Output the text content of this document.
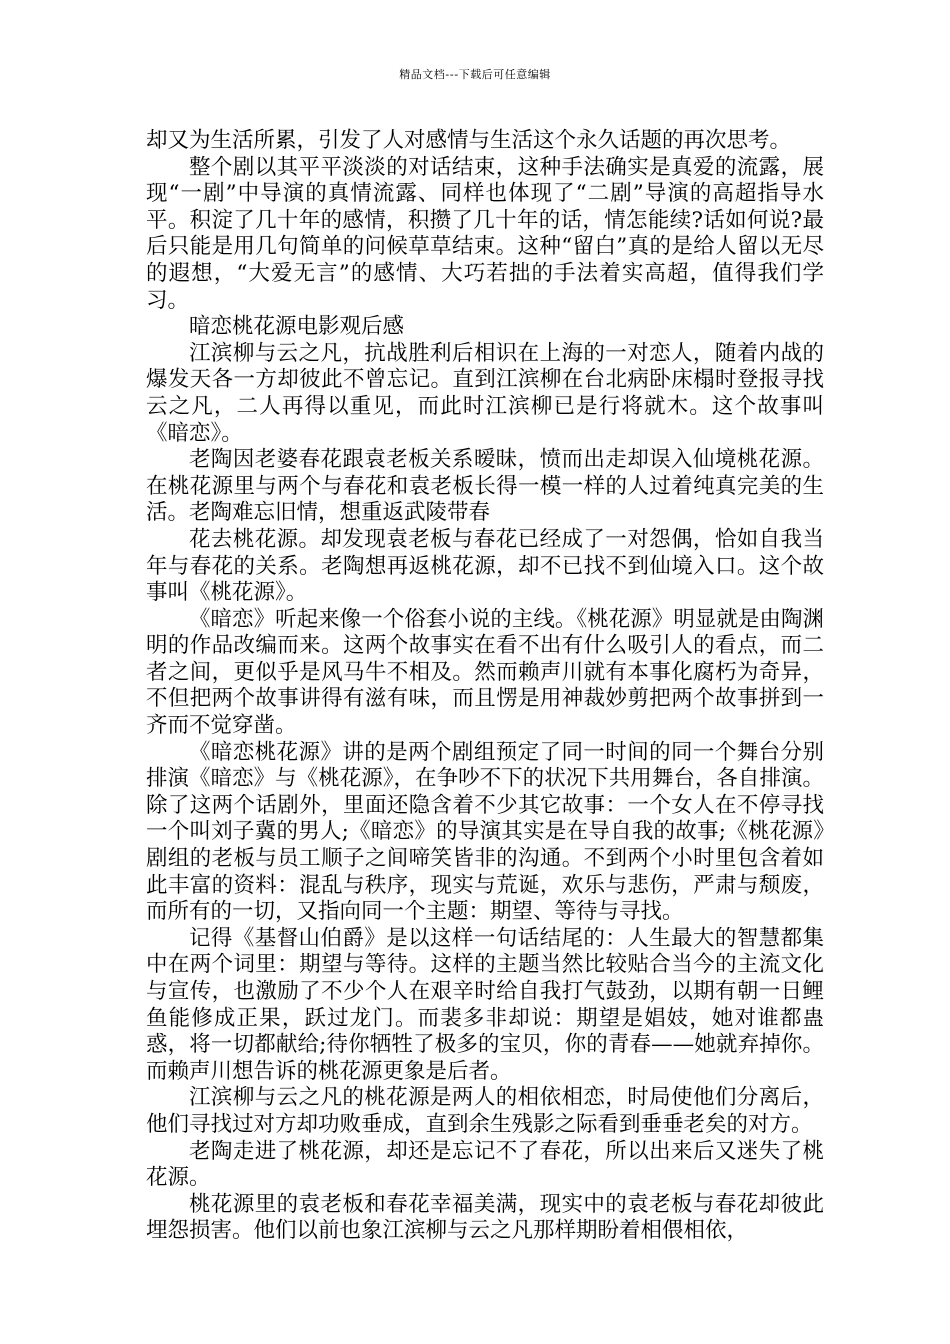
精品文档---下载后可任意编辑

却又为生活所累，引发了人对感情与生活这个永久话题的再次思考。

整个剧以其平平淡淡的对话结束，这种手法确实是真爱的流露，展现“一剧”中导演的真情流露、同样也体现了“二剧”导演的高超指导水平。积淀了几十年的感情，积攒了几十年的话，情怎能续?话如何说?最后只能是用几句简单的问候草草结束。这种“留白”真的是给人留以无尽的遐想，“大爱无言”的感情、大巧若拙的手法着实高超，值得我们学习。

暗恋桃花源电影观后感

江滨柳与云之凡，抗战胜利后相识在上海的一对恋人，随着内战的爆发天各一方却彼此不曾忘记。直到江滨柳在台北病卧床榻时登报寻找云之凡，二人再得以重见，而此时江滨柳已是行将就木。这个故事叫《暗恋》。

老陶因老婆春花跟袁老板关系暧昧，愤而出走却误入仙境桃花源。在桃花源里与两个与春花和袁老板长得一模一样的人过着纯真完美的生活。老陶难忘旧情，想重返武陵带春

花去桃花源。却发现袁老板与春花已经成了一对怨偶，恰如自我当年与春花的关系。老陶想再返桃花源，却不已找不到仙境入口。这个故事叫《桃花源》。

《暗恋》听起来像一个俗套小说的主线。《桃花源》明显就是由陶渊明的作品改编而来。这两个故事实在看不出有什么吸引人的看点，而二者之间，更似乎是风马牛不相及。然而赖声川就有本事化腐朽为奇异，不但把两个故事讲得有滋有味，而且愣是用神裁妙剪把两个故事拼到一齐而不觉穿凿。

《暗恋桃花源》讲的是两个剧组预定了同一时间的同一个舞台分别排演《暗恋》与《桃花源》，在争吵不下的状况下共用舞台，各自排演。除了这两个话剧外，里面还隐含着不少其它故事：一个女人在不停寻找一个叫刘子冀的男人;《暗恋》的导演其实是在导自我的故事;《桃花源》剧组的老板与员工顺子之间啼笑皆非的沟通。不到两个小时里包含着如此丰富的资料：混乱与秩序，现实与荒诞，欢乐与悲伤，严肃与颓废，而所有的一切，又指向同一个主题：期望、等待与寻找。

记得《基督山伯爵》是以这样一句话结尾的：人生最大的智慧都集中在两个词里：期望与等待。这样的主题当然比较贴合当今的主流文化与宣传，也激励了不少个人在艰辛时给自我打气鼓劲，以期有朝一日鲤鱼能修成正果，跃过龙门。而裴多非却说：期望是娼妓，她对谁都蛊惑，将一切都献给;待你牺牲了极多的宝贝，你的青春——她就弃掉你。而赖声川想告诉的桃花源更象是后者。

江滨柳与云之凡的桃花源是两人的相依相恋，时局使他们分离后，他们寻找过对方却功败垂成，直到余生残影之际看到垂垂老矣的对方。

老陶走进了桃花源，却还是忘记不了春花，所以出来后又迷失了桃花源。

桃花源里的袁老板和春花幸福美满，现实中的袁老板与春花却彼此埋怨损害。他们以前也象江滨柳与云之凡那样期盼着相偎相依，
